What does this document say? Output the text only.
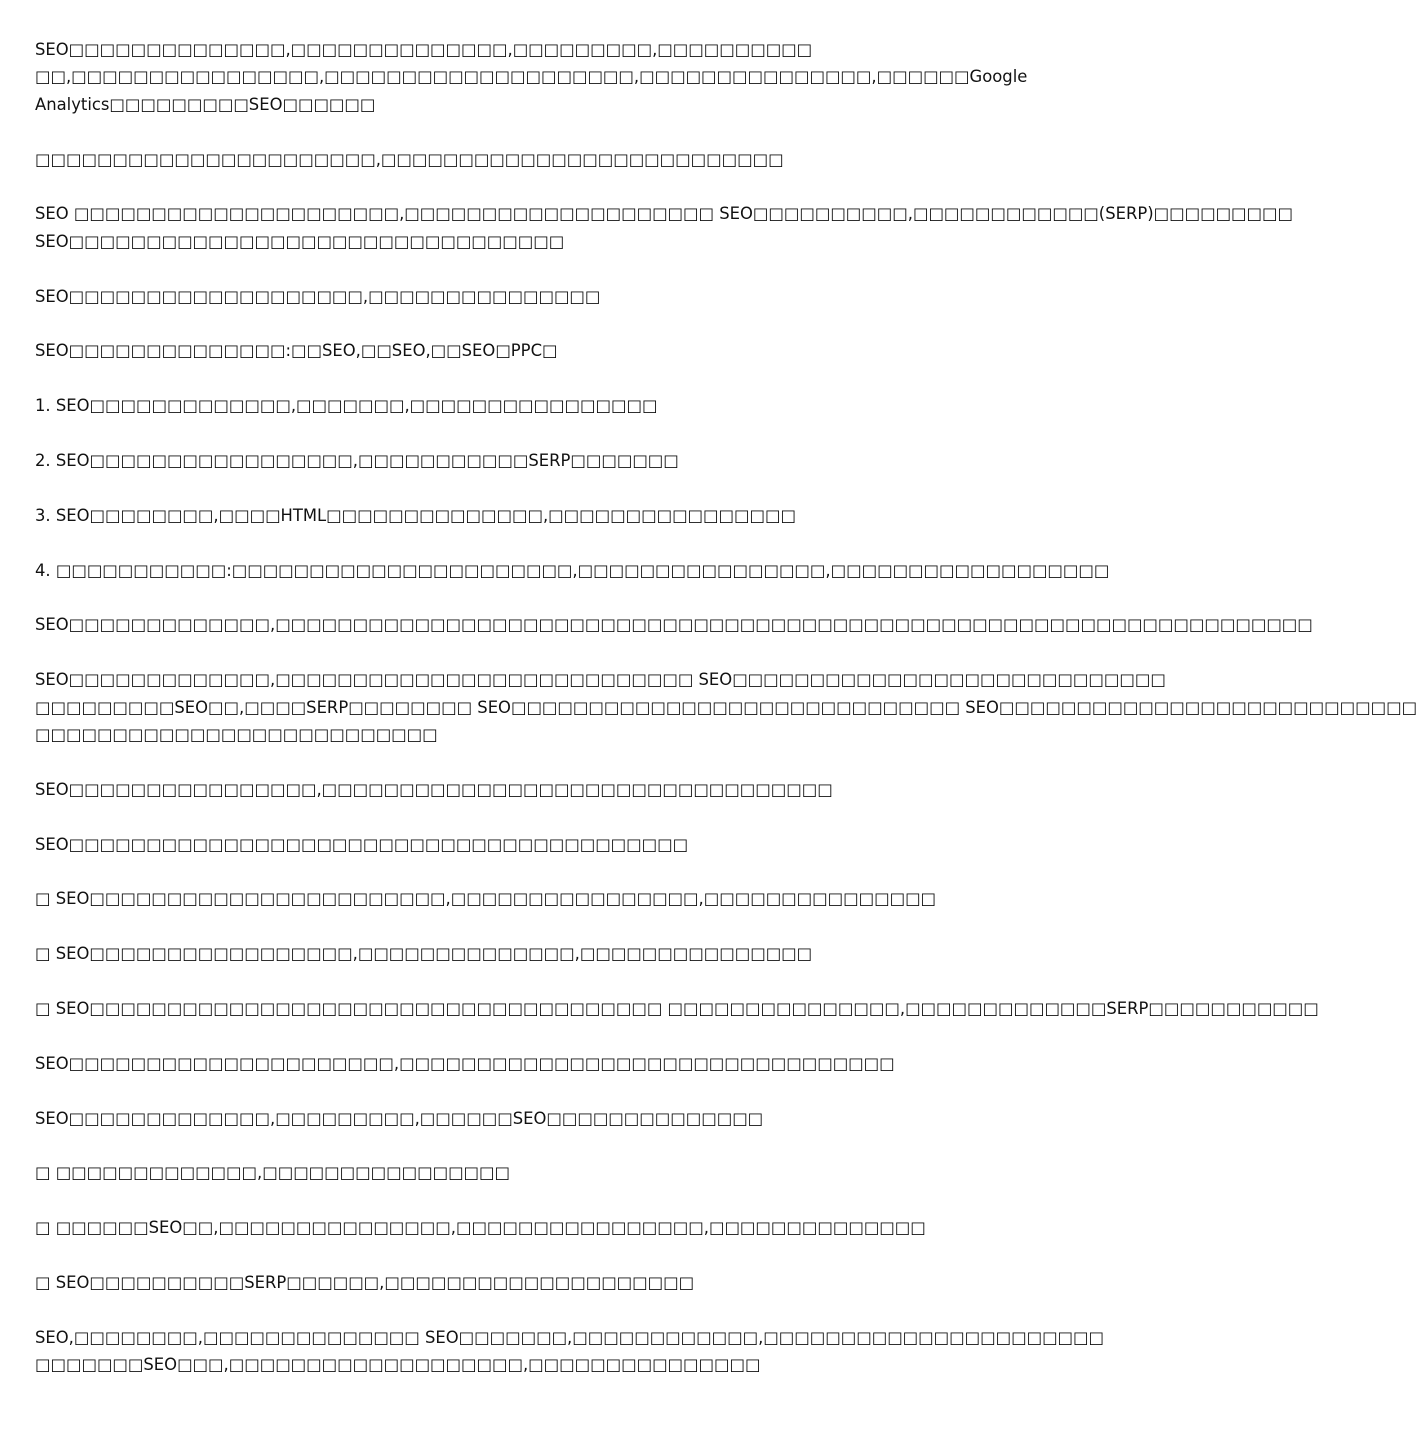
SEO□□□□□□□□□□□□□□,□□□□□□□□□□□□□□,□□□□□□□□□,□□□□□□□□□□
□□,□□□□□□□□□□□□□□□□,□□□□□□□□□□□□□□□□□□□□,□□□□□□□□□□□□□□□,□□□□□□Google
Analytics□□□□□□□□□SEO□□□□□□

□□□□□□□□□□□□□□□□□□□□□□,□□□□□□□□□□□□□□□□□□□□□□□□□□

SEO □□□□□□□□□□□□□□□□□□□□□,□□□□□□□□□□□□□□□□□□□□ SEO□□□□□□□□□□,□□□□□□□□□□□□(SERP)□□□□□□□□□
SEO□□□□□□□□□□□□□□□□□□□□□□□□□□□□□□□□

SEO□□□□□□□□□□□□□□□□□□□,□□□□□□□□□□□□□□□

SEO□□□□□□□□□□□□□□:□□SEO,□□SEO,□□SEO□PPC□

1. SEO□□□□□□□□□□□□□,□□□□□□□,□□□□□□□□□□□□□□□□

2. SEO□□□□□□□□□□□□□□□□□,□□□□□□□□□□□SERP□□□□□□□

3. SEO□□□□□□□□,□□□□HTML□□□□□□□□□□□□□□,□□□□□□□□□□□□□□□□

4. □□□□□□□□□□□:□□□□□□□□□□□□□□□□□□□□□□,□□□□□□□□□□□□□□□□,□□□□□□□□□□□□□□□□□□

SEO□□□□□□□□□□□□□,□□□□□□□□□□□□□□□□□□□□□□□□□□□□□□□□□□□□□□□□□□□□□□□□□□□□□□□□□□□□□□□□□□□

SEO□□□□□□□□□□□□□,□□□□□□□□□□□□□□□□□□□□□□□□□□□ SEO□□□□□□□□□□□□□□□□□□□□□□□□□□□□
□□□□□□□□□SEO□□,□□□□SERP□□□□□□□□ SEO□□□□□□□□□□□□□□□□□□□□□□□□□□□□□ SEO□□□□□□□□□□□□□□□□□□□□□□□□□□□
□□□□□□□□□□□□□□□□□□□□□□□□□□

SEO□□□□□□□□□□□□□□□□,□□□□□□□□□□□□□□□□□□□□□□□□□□□□□□□□□

SEO□□□□□□□□□□□□□□□□□□□□□□□□□□□□□□□□□□□□□□□□

□ SEO□□□□□□□□□□□□□□□□□□□□□□□,□□□□□□□□□□□□□□□□,□□□□□□□□□□□□□□□

□ SEO□□□□□□□□□□□□□□□□□,□□□□□□□□□□□□□□,□□□□□□□□□□□□□□□

□ SEO□□□□□□□□□□□□□□□□□□□□□□□□□□□□□□□□□□□□□ □□□□□□□□□□□□□□□,□□□□□□□□□□□□□SERP□□□□□□□□□□□

SEO□□□□□□□□□□□□□□□□□□□□□,□□□□□□□□□□□□□□□□□□□□□□□□□□□□□□□□

SEO□□□□□□□□□□□□□,□□□□□□□□□,□□□□□□SEO□□□□□□□□□□□□□□

□ □□□□□□□□□□□□□,□□□□□□□□□□□□□□□□

□ □□□□□□SEO□□,□□□□□□□□□□□□□□□,□□□□□□□□□□□□□□□□,□□□□□□□□□□□□□□

□ SEO□□□□□□□□□□SERP□□□□□□,□□□□□□□□□□□□□□□□□□□□

SEO,□□□□□□□□,□□□□□□□□□□□□□□ SEO□□□□□□□,□□□□□□□□□□□□,□□□□□□□□□□□□□□□□□□□□□□
□□□□□□□SEO□□□,□□□□□□□□□□□□□□□□□□□,□□□□□□□□□□□□□□□
